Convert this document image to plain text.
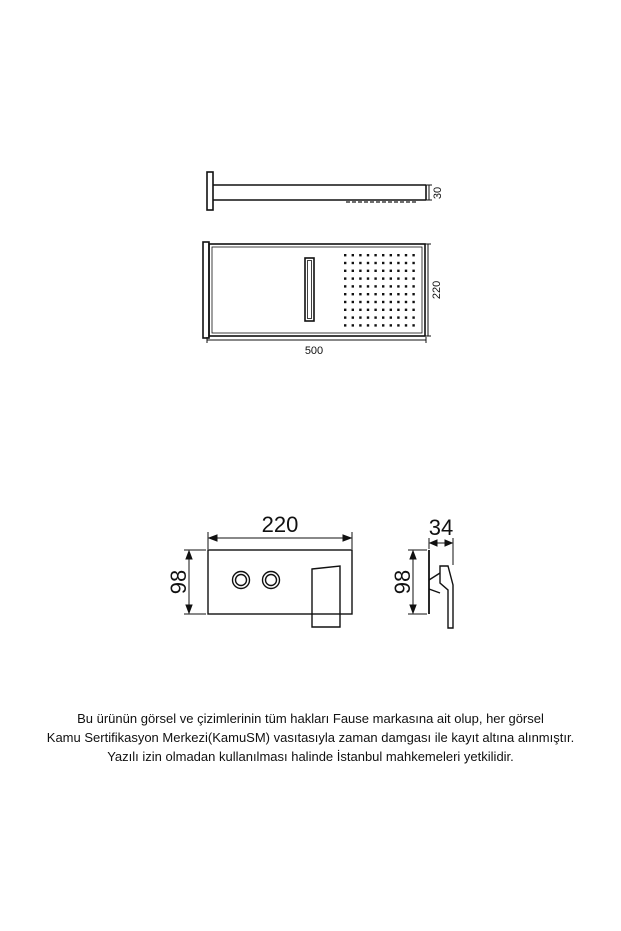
30
220
500
220
98
34
98
Bu ürünün görsel ve çizimlerinin tüm hakları Fause markasına ait olup, her görsel
Kamu Sertifikasyon Merkezi(KamuSM) vasıtasıyla zaman damgası ile kayıt altına alınmıştır.
Yazılı izin olmadan kullanılması halinde İstanbul mahkemeleri yetkilidir.
